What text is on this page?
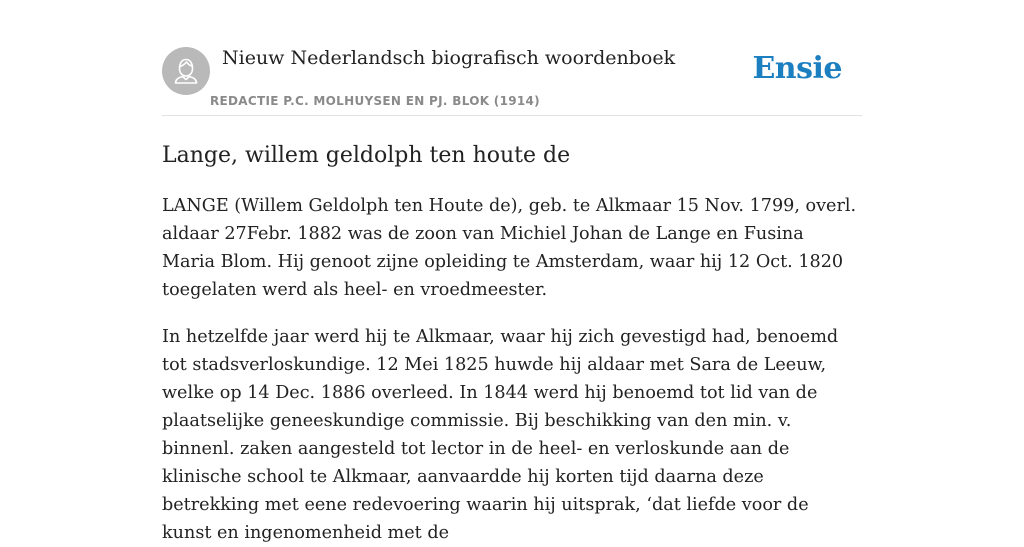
Nieuw Nederlandsch biografisch woordenboek
REDACTIE P.C. MOLHUYSEN EN PJ. BLOK (1914)
Ensie
Lange, willem geldolph ten houte de

LANGE (Willem Geldolph ten Houte de), geb. te Alkmaar 15 Nov. 1799, overl. aldaar 27Febr. 1882 was de zoon van Michiel Johan de Lange en Fusina Maria Blom. Hij genoot zijne opleiding te Amsterdam, waar hij 12 Oct. 1820 toegelaten werd als heel- en vroedmeester.

In hetzelfde jaar werd hij te Alkmaar, waar hij zich gevestigd had, benoemd tot stadsverloskundige. 12 Mei 1825 huwde hij aldaar met Sara de Leeuw, welke op 14 Dec. 1886 overleed. In 1844 werd hij benoemd tot lid van de plaatselijke geneeskundige commissie. Bij beschikking van den min. v. binnenl. zaken aangesteld tot lector in de heel- en verloskunde aan de klinische school te Alkmaar, aanvaardde hij korten tijd daarna deze betrekking met eene redevoering waarin hij uitsprak, ‘dat liefde voor de kunst en ingenomenheid met de
